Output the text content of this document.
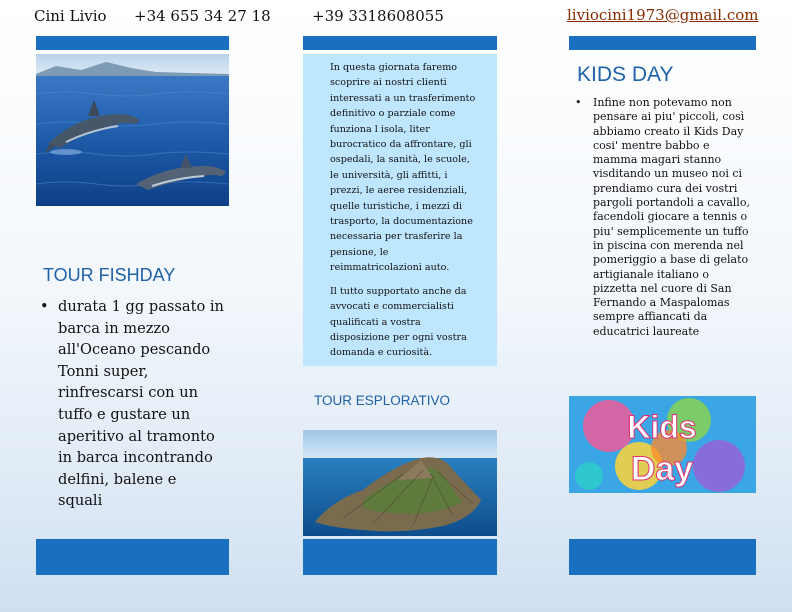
Cini Livio +34 655 34 27 18	+39 3318608055	liviocini1973@gmail.com
TOUR FISHDAY
• durata 1 gg passato in barca in mezzo all'Oceano pescando Tonni super, rinfrescarsi con un tuffo e gustare un aperitivo al tramonto in barca incontrando delfini, balene e squali

In questa giornata faremo scoprire ai nostri clienti interessati a un trasferimento definitivo o parziale come funziona l isola, liter burocratico da affrontare, gli ospedali, la sanità, le scuole, le università, gli affitti, i prezzi, le aeree residenziali, quelle turistiche, i mezzi di trasporto, la documentazione necessaria per trasferire la pensione, le reimmatricolazioni auto.

Il tutto supportato anche da avvocati e commercialisti qualificati a vostra disposizione per ogni vostra domanda e curiosità.

TOUR ESPLORATIVO
KIDS DAY
• Infine non potevamo non pensare ai piu' piccoli, così abbiamo creato il Kids Day cosi' mentre babbo e mamma magari stanno visditando un museo noi ci prendiamo cura dei vostri pargoli portandoli a cavallo, facendoli giocare a tennis o piu' semplicemente un tuffo in piscina con merenda nel pomeriggio a base di gelato artigianale italiano o pizzetta nel cuore di San Fernando a Maspalomas sempre affiancati da educatrici laureate
Kids
Day
